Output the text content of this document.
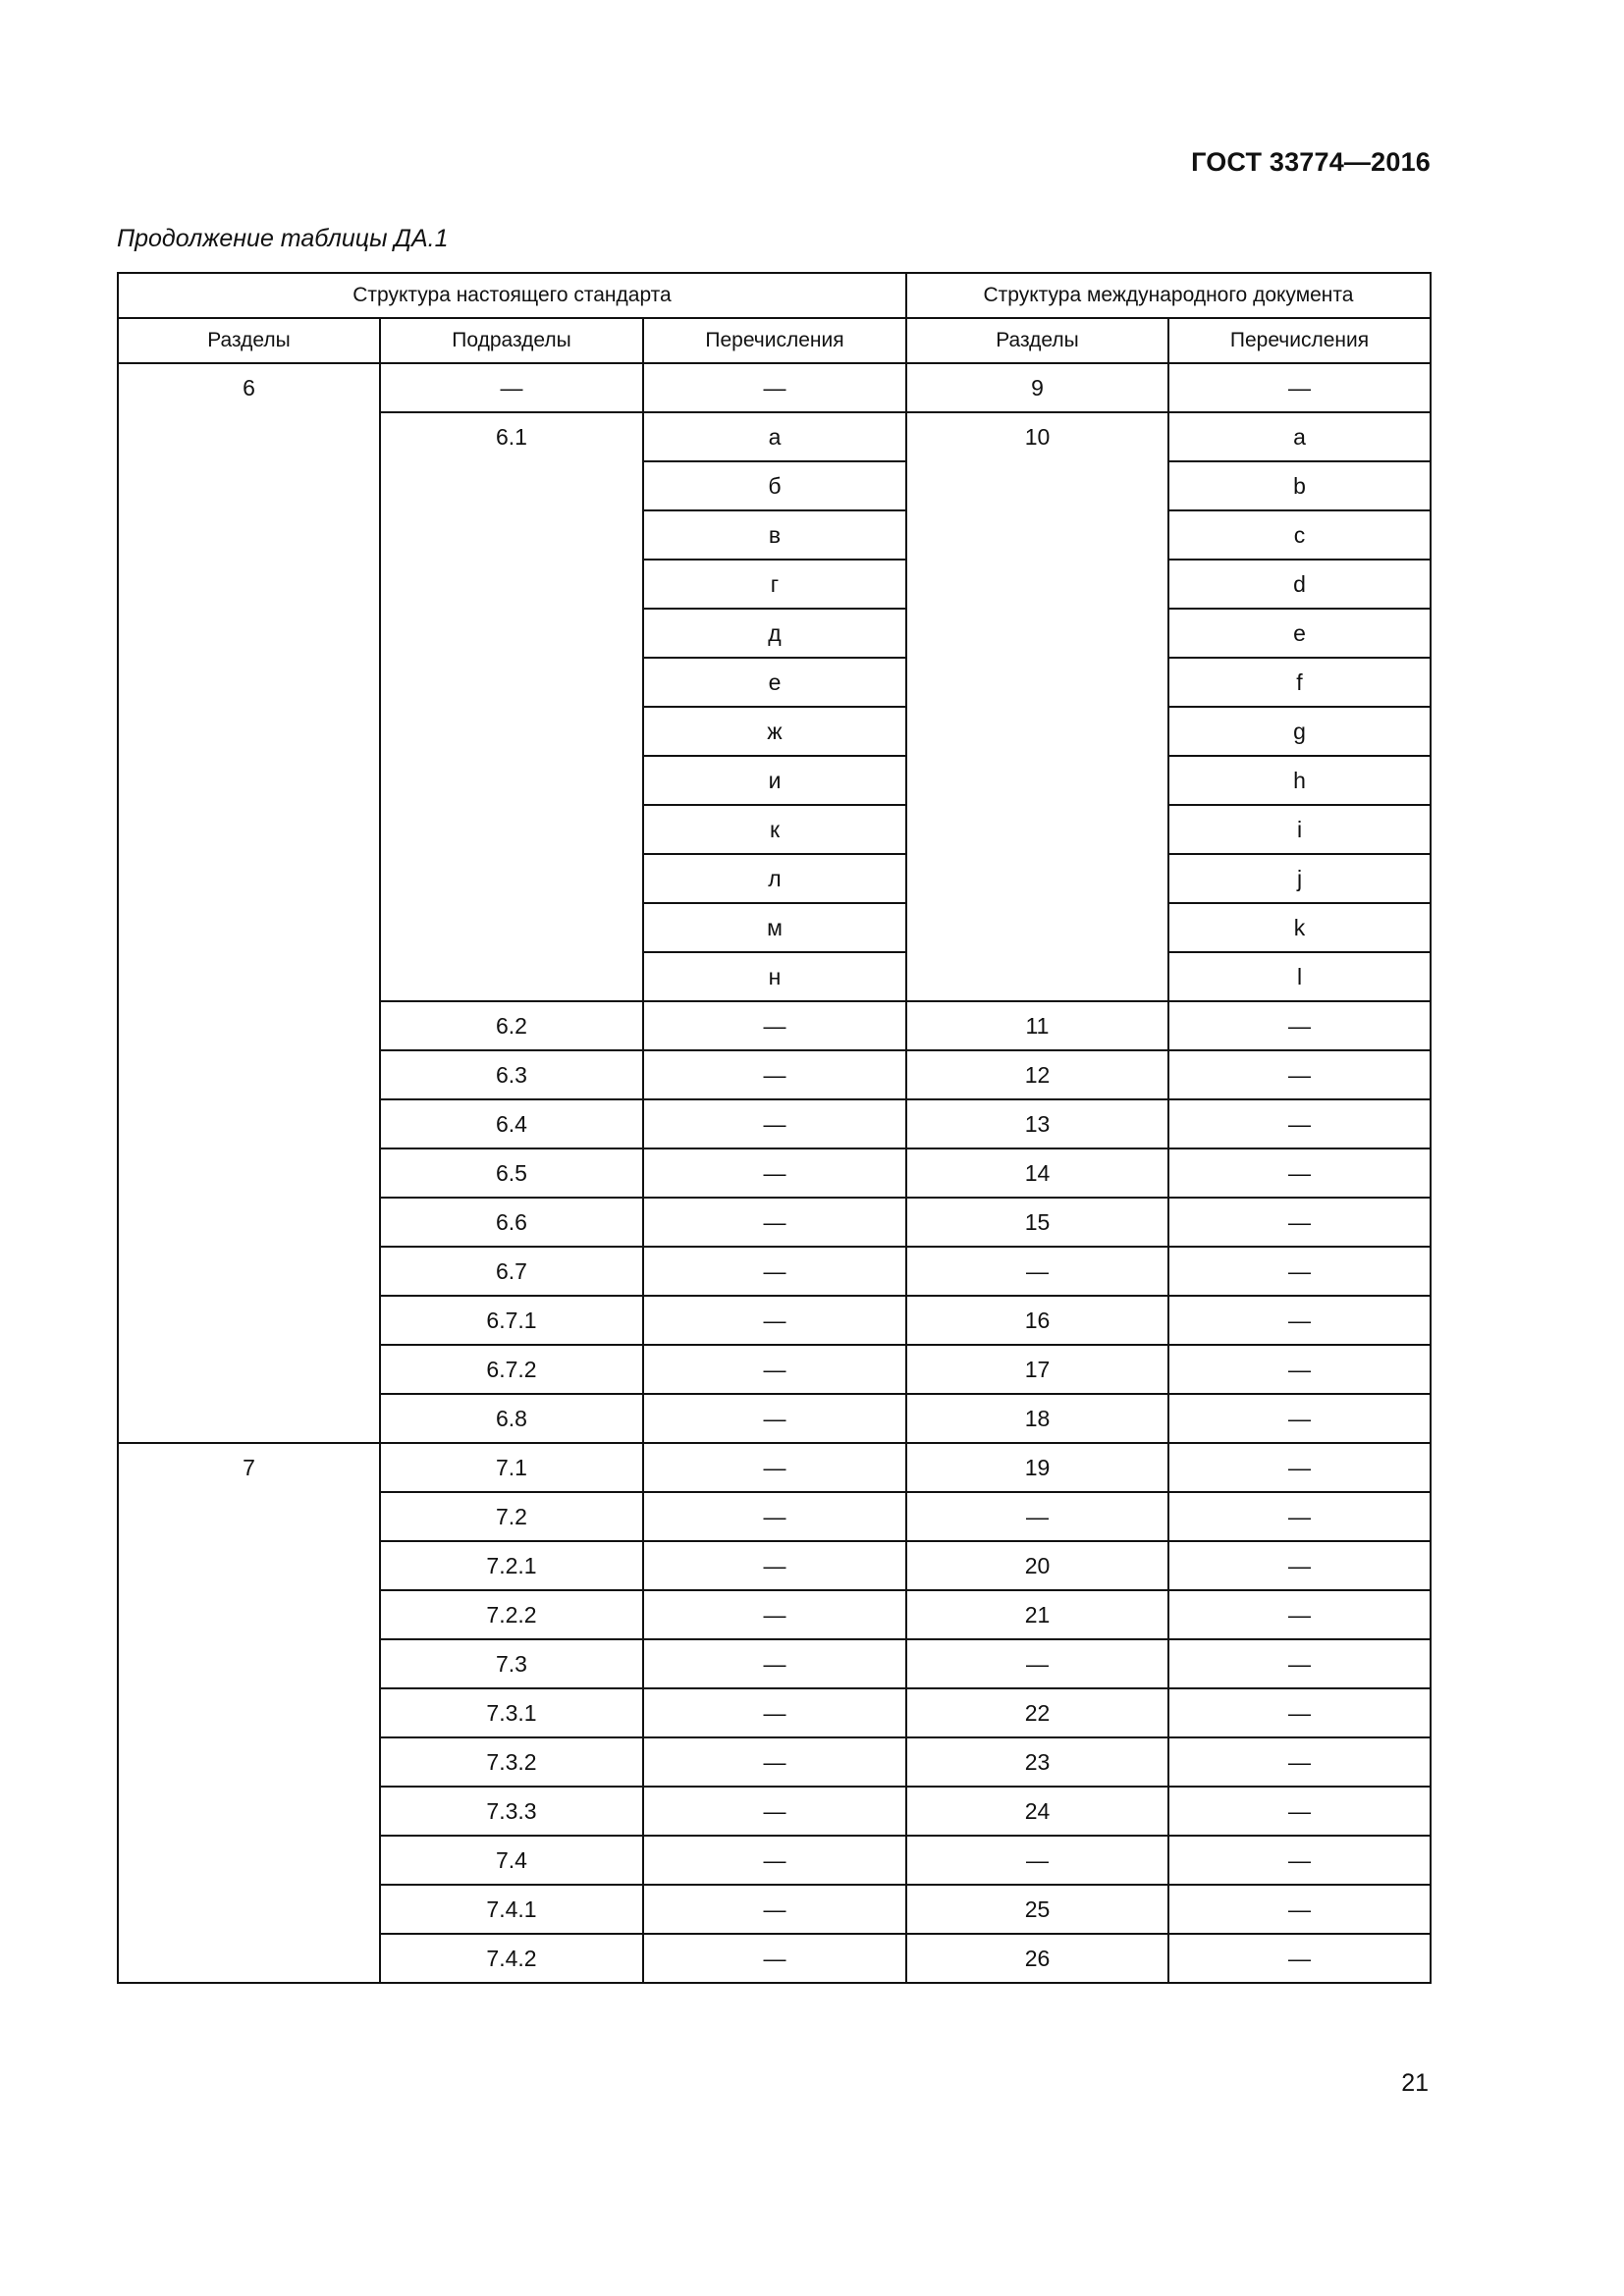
ГОСТ 33774—2016
Продолжение таблицы ДА.1
Структура настоящего стандарта			Структура международного документа	
Разделы	Подразделы	Перечисления	Разделы	Перечисления
6	—	—	9	—
	6.1	а	10	a
		б		b
		в		c
		г		d
		д		e
		е		f
		ж		g
		и		h
		к		i
		л		j
		м		k
		н		l
	6.2	—	11	—
	6.3	—	12	—
	6.4	—	13	—
	6.5	—	14	—
	6.6	—	15	—
	6.7	—	—	—
	6.7.1	—	16	—
	6.7.2	—	17	—
	6.8	—	18	—
7	7.1	—	19	—
	7.2	—	—	—
	7.2.1	—	20	—
	7.2.2	—	21	—
	7.3	—	—	—
	7.3.1	—	22	—
	7.3.2	—	23	—
	7.3.3	—	24	—
	7.4	—	—	—
	7.4.1	—	25	—
	7.4.2	—	26	—
21
